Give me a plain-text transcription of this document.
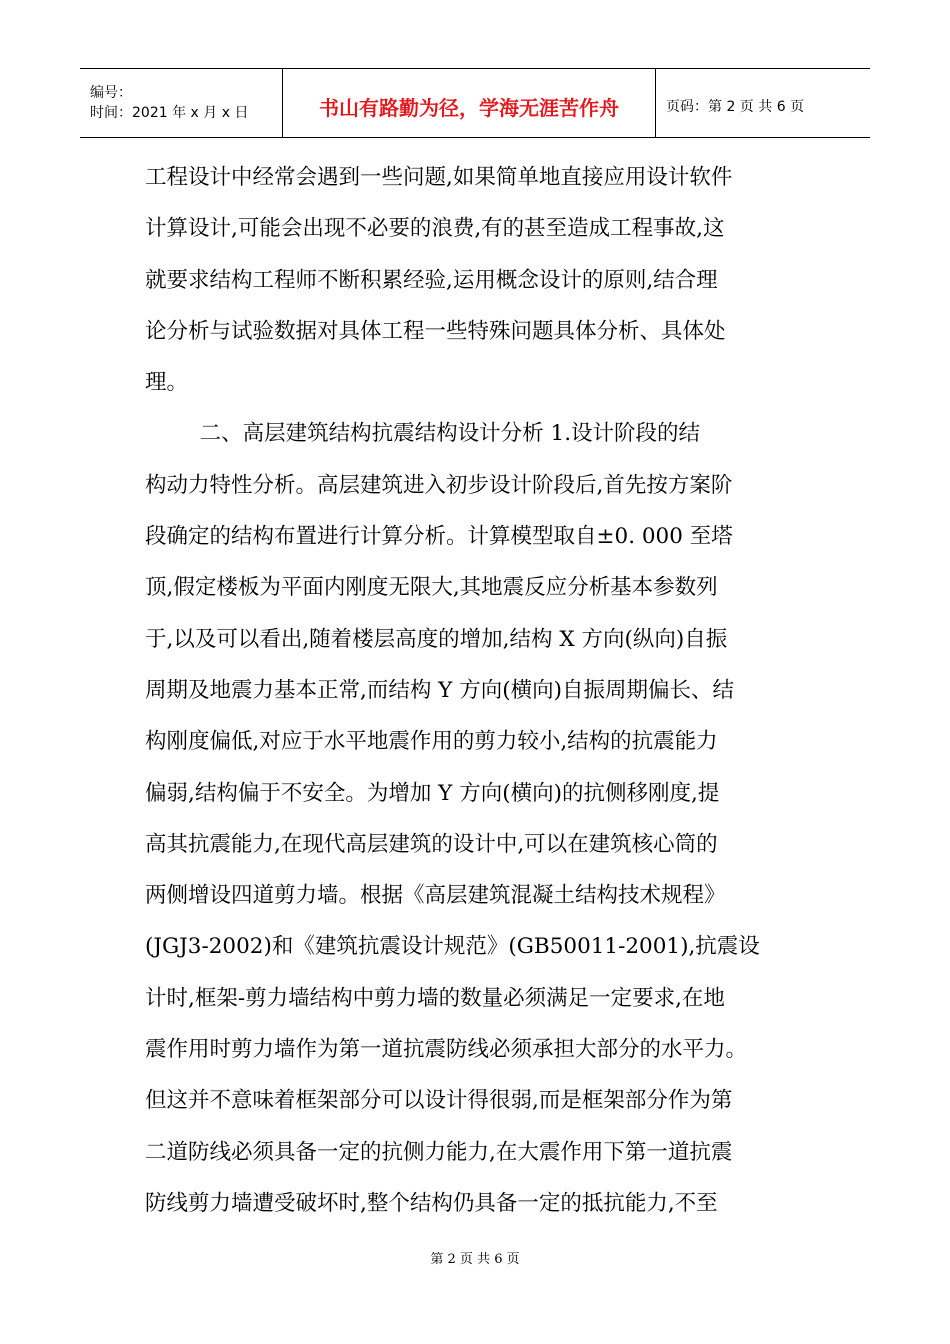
编号：
时间：2021 年 x 月 x 日	书山有路勤为径，学海无涯苦作舟	页码：第 2 页 共 6 页
工程设计中经常会遇到一些问题,如果简单地直接应用设计软件
计算设计,可能会出现不必要的浪费,有的甚至造成工程事故,这
就要求结构工程师不断积累经验,运用概念设计的原则,结合理
论分析与试验数据对具体工程一些特殊问题具体分析、具体处
理。
二、高层建筑结构抗震结构设计分析 1.设计阶段的结
构动力特性分析。高层建筑进入初步设计阶段后,首先按方案阶
段确定的结构布置进行计算分析。计算模型取自±0. 000 至塔
顶,假定楼板为平面内刚度无限大,其地震反应分析基本参数列
于,以及可以看出,随着楼层高度的增加,结构 X 方向(纵向)自振
周期及地震力基本正常,而结构 Y 方向(横向)自振周期偏长、结
构刚度偏低,对应于水平地震作用的剪力较小,结构的抗震能力
偏弱,结构偏于不安全。为增加 Y 方向(横向)的抗侧移刚度,提
高其抗震能力,在现代高层建筑的设计中,可以在建筑核心筒的
两侧增设四道剪力墙。根据《高层建筑混凝土结构技术规程》
(JGJ3-2002)和《建筑抗震设计规范》(GB50011-2001),抗震设
计时,框架-剪力墙结构中剪力墙的数量必须满足一定要求,在地
震作用时剪力墙作为第一道抗震防线必须承担大部分的水平力。
但这并不意味着框架部分可以设计得很弱,而是框架部分作为第
二道防线必须具备一定的抗侧力能力,在大震作用下第一道抗震
防线剪力墙遭受破坏时,整个结构仍具备一定的抵抗能力,不至
第 2 页 共 6 页
